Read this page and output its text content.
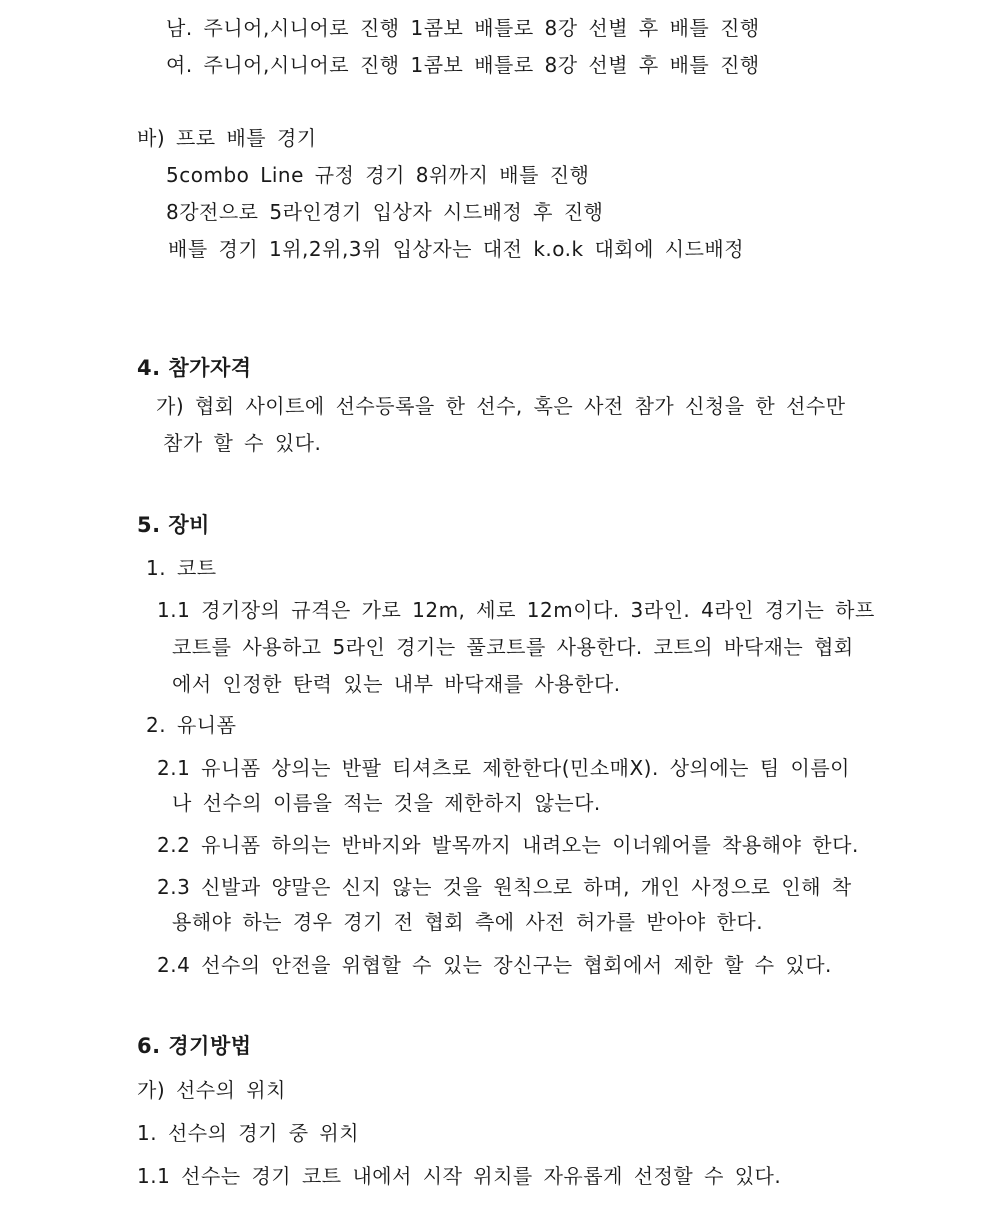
남. 주니어,시니어로 진행 1콤보 배틀로 8강 선별 후 배틀 진행
여. 주니어,시니어로 진행 1콤보 배틀로 8강 선별 후 배틀 진행
바) 프로 배틀 경기
5combo Line 규정 경기 8위까지 배틀 진행
8강전으로 5라인경기 입상자 시드배정 후 진행
배틀 경기 1위,2위,3위 입상자는 대전 k.o.k 대회에 시드배정
4. 참가자격
가) 협회 사이트에 선수등록을 한 선수, 혹은 사전 참가 신청을 한 선수만
참가 할 수 있다.
5. 장비
1. 코트
1.1 경기장의 규격은 가로 12m, 세로 12m이다. 3라인. 4라인 경기는 하프
코트를 사용하고 5라인 경기는 풀코트를 사용한다. 코트의 바닥재는 협회
에서 인정한 탄력 있는 내부 바닥재를 사용한다.
2. 유니폼
2.1 유니폼 상의는 반팔 티셔츠로 제한한다(민소매X). 상의에는 팀 이름이
나 선수의 이름을 적는 것을 제한하지 않는다.
2.2 유니폼 하의는 반바지와 발목까지 내려오는 이너웨어를 착용해야 한다.
2.3 신발과 양말은 신지 않는 것을 원칙으로 하며, 개인 사정으로 인해 착
용해야 하는 경우 경기 전 협회 측에 사전 허가를 받아야 한다.
2.4 선수의 안전을 위협할 수 있는 장신구는 협회에서 제한 할 수 있다.
6. 경기방법
가) 선수의 위치
1. 선수의 경기 중 위치
1.1 선수는 경기 코트 내에서 시작 위치를 자유롭게 선정할 수 있다.
